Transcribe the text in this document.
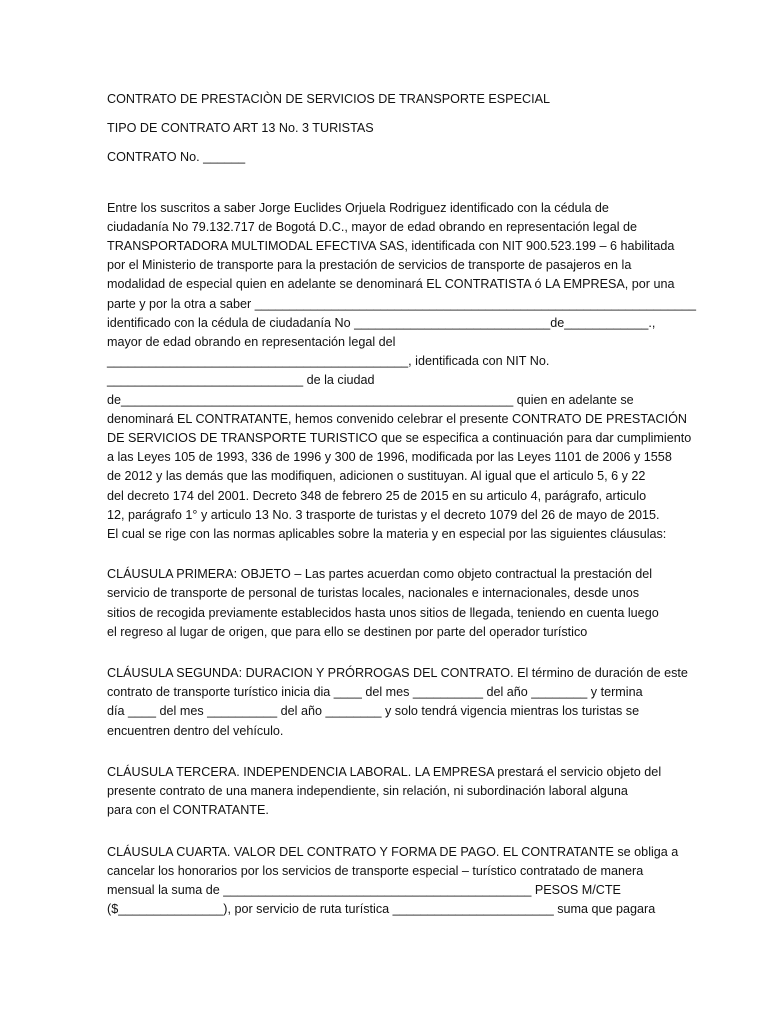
CONTRATO DE PRESTACIÒN DE SERVICIOS DE TRANSPORTE ESPECIAL
TIPO DE CONTRATO ART 13 No. 3 TURISTAS
CONTRATO No. ______
Entre los suscritos a saber Jorge Euclides Orjuela Rodriguez identificado con la cédula de
ciudadanía No 79.132.717 de Bogotá D.C., mayor de edad obrando en representación legal de
TRANSPORTADORA MULTIMODAL EFECTIVA SAS, identificada con NIT 900.523.199 – 6 habilitada
por el Ministerio de transporte para la prestación de servicios de transporte de pasajeros en la
modalidad de especial quien en adelante se denominará EL CONTRATISTA ó LA EMPRESA, por una
parte y por la otra a saber _______________________________________________________________
identificado con la cédula de ciudadanía No ____________________________de____________.,
mayor de edad obrando en representación legal del
___________________________________________, identificada con NIT No.
____________________________ de la ciudad
de________________________________________________________ quien en adelante se
denominará EL CONTRATANTE, hemos convenido celebrar el presente CONTRATO DE PRESTACIÓN
DE SERVICIOS DE TRANSPORTE TURISTICO que se especifica a continuación para dar cumplimiento
a las Leyes 105 de 1993, 336 de 1996 y 300 de 1996, modificada por las Leyes 1101 de 2006 y 1558
de 2012 y las demás que las modifiquen, adicionen o sustituyan. Al igual que el articulo 5, 6 y 22
del decreto 174 del 2001. Decreto 348 de febrero 25 de 2015 en su articulo 4, parágrafo, articulo
12, parágrafo 1° y articulo 13 No. 3 trasporte de turistas y el decreto 1079 del 26 de mayo de 2015.
El cual se rige con las normas aplicables sobre la materia y en especial por las siguientes cláusulas:
CLÁUSULA PRIMERA: OBJETO – Las partes acuerdan como objeto contractual la prestación del
servicio de transporte de personal de turistas locales, nacionales e internacionales, desde unos
sitios de recogida previamente establecidos hasta unos sitios de llegada, teniendo en cuenta luego
el regreso al lugar de origen, que para ello se destinen por parte del operador turístico
CLÁUSULA SEGUNDA: DURACION Y PRÓRROGAS DEL CONTRATO. El término de duración de este
contrato de transporte turístico inicia dia ____ del mes __________ del año ________ y termina
día ____ del mes __________ del año ________ y solo tendrá vigencia mientras los turistas se
encuentren dentro del vehículo.
CLÁUSULA TERCERA. INDEPENDENCIA LABORAL. LA EMPRESA prestará el servicio objeto del
presente contrato de una manera independiente, sin relación, ni subordinación laboral alguna
para con el CONTRATANTE.
CLÁUSULA CUARTA. VALOR DEL CONTRATO Y FORMA DE PAGO. EL CONTRATANTE se obliga a
cancelar los honorarios por los servicios de transporte especial – turístico contratado de manera
mensual la suma de ____________________________________________ PESOS M/CTE
($_______________), por servicio de ruta turística _______________________ suma que pagara
